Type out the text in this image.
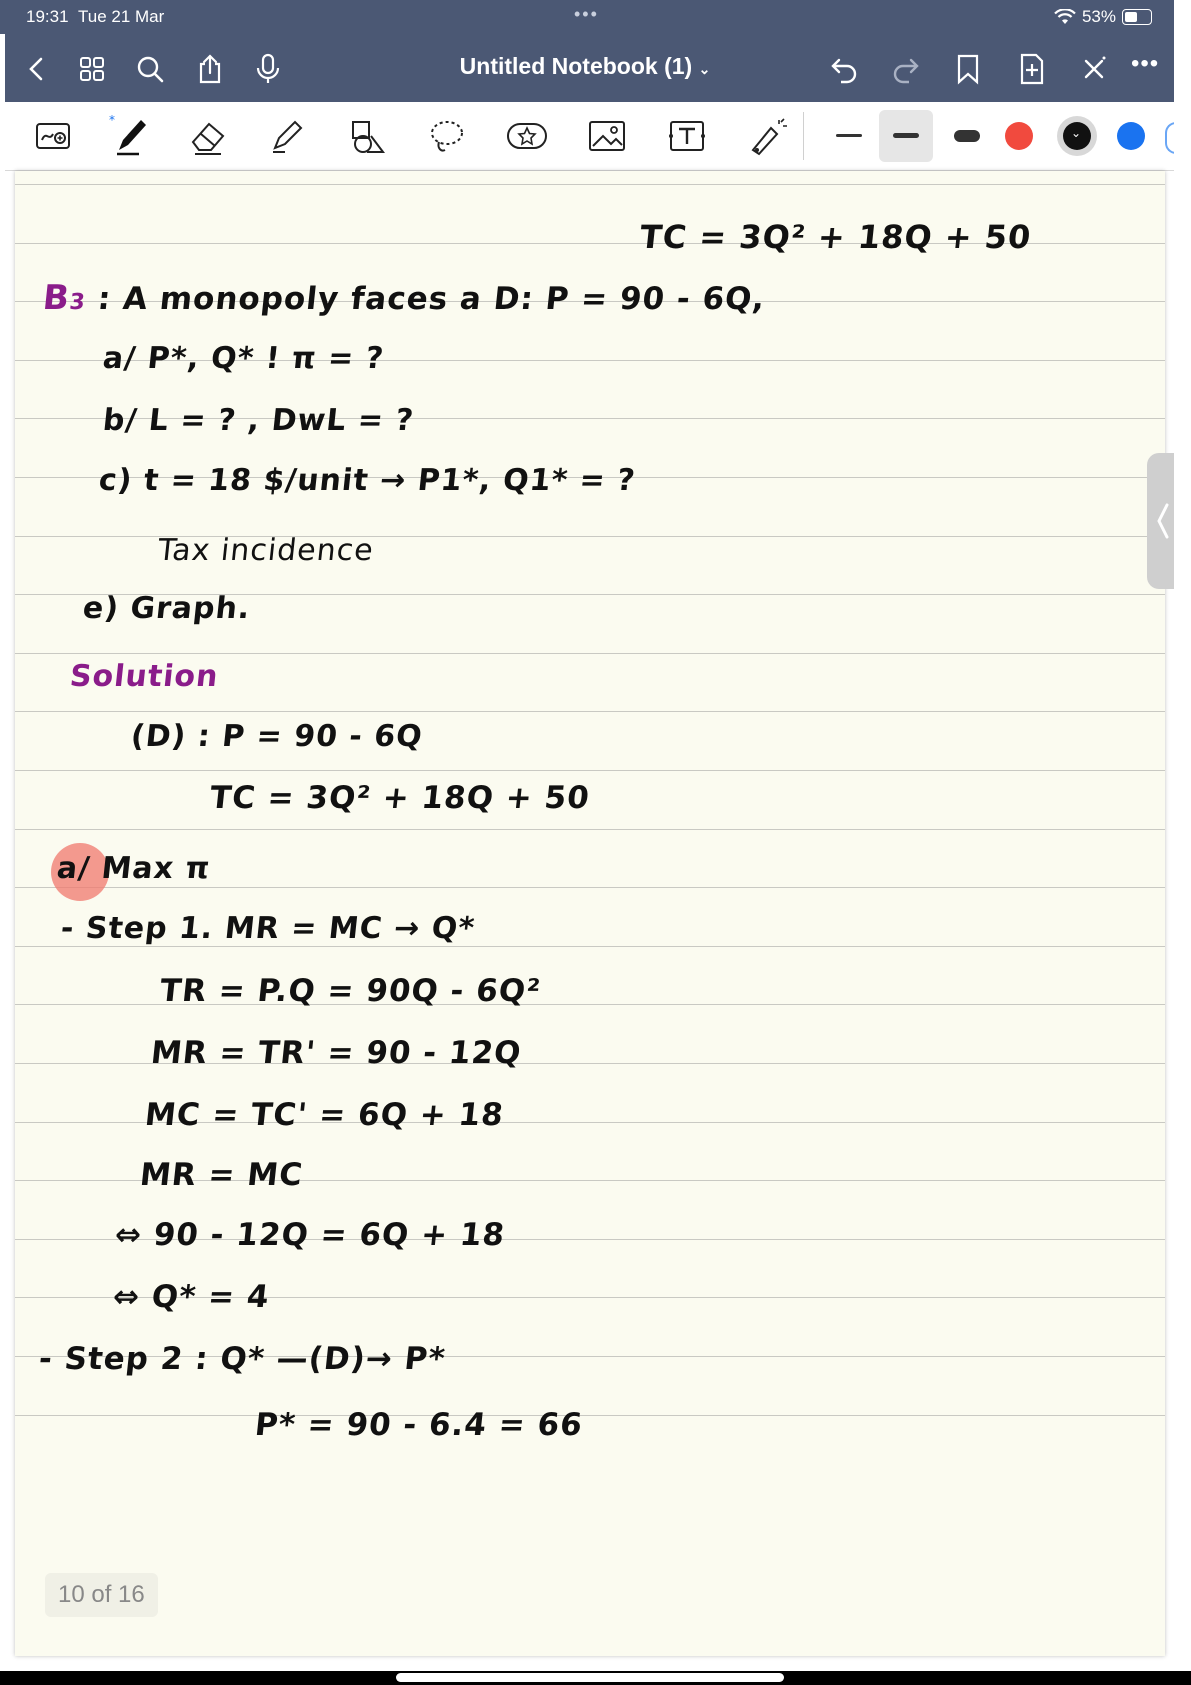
19:31 Tue 21 Mar	•••	53%
Untitled Notebook (1) ⌄	•••
*
⌄
TC = 3Q² + 18Q + 50
B3 : A monopoly faces a D: P = 90 - 6Q,
a/ P*, Q* ! π = ?
b/ L = ? , DwL = ?
c) t = 18 $/unit → P1*, Q1* = ?
Tax incidence
e) Graph.
Solution
(D) : P = 90 - 6Q
TC = 3Q² + 18Q + 50
a/ Max π
- Step 1. MR = MC → Q*
TR = P.Q = 90Q - 6Q²
MR = TR' = 90 - 12Q
MC = TC' = 6Q + 18
MR = MC
⇔ 90 - 12Q = 6Q + 18
⇔ Q* = 4
- Step 2 : Q* —(D)→ P*
P* = 90 - 6.4 = 66
10 of 16
